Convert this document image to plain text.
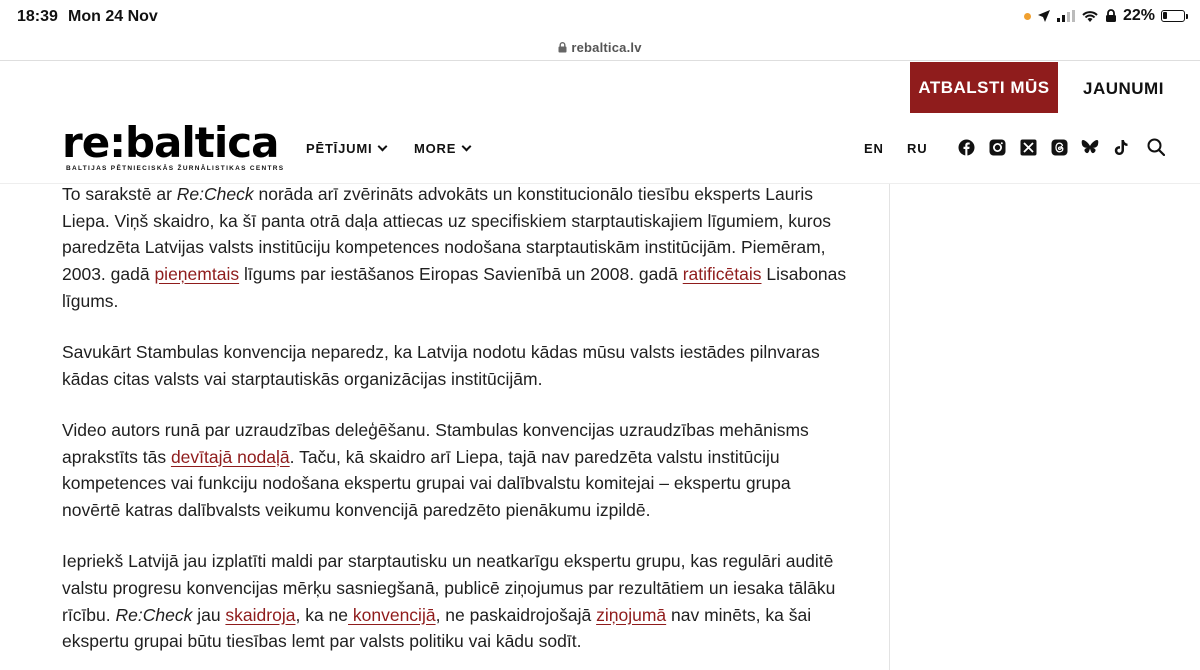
18:39 Mon 24 Nov	22%
rebaltica.lv
ATBALSTI MŪS	JAUNUMI
re:baltica
BALTIJAS PĒTNIECISKĀS ŽURNĀLISTIKAS CENTRS
PĒTĪJUMI	MORE	EN RU

To sarakstē ar Re:Check norāda arī zvērināts advokāts un konstitucionālo tiesību eksperts Lauris Liepa. Viņš skaidro, ka šī panta otrā daļa attiecas uz specifiskiem starptautiskajiem līgumiem, kuros paredzēta Latvijas valsts institūciju kompetences nodošana starptautiskām institūcijām. Piemēram, 2003. gadā pieņemtais līgums par iestāšanos Eiropas Savienībā un 2008. gadā ratificētais Lisabonas līgums.

Savukārt Stambulas konvencija neparedz, ka Latvija nodotu kādas mūsu valsts iestādes pilnvaras kādas citas valsts vai starptautiskās organizācijas institūcijām.

Video autors runā par uzraudzības deleģēšanu. Stambulas konvencijas uzraudzības mehānisms aprakstīts tās devītajā nodaļā. Taču, kā skaidro arī Liepa, tajā nav paredzēta valstu institūciju kompetences vai funkciju nodošana ekspertu grupai vai dalībvalstu komitejai – ekspertu grupa novērtē katras dalībvalsts veikumu konvencijā paredzēto pienākumu izpildē.

Iepriekš Latvijā jau izplatīti maldi par starptautisku un neatkarīgu ekspertu grupu, kas regulāri auditē valstu progresu konvencijas mērķu sasniegšanā, publicē ziņojumus par rezultātiem un iesaka tālāku rīcību. Re:Check jau skaidroja, ka ne konvencijā, ne paskaidrojošajā ziņojumā nav minēts, ka šai ekspertu grupai būtu tiesības lemt par valsts politiku vai kādu sodīt.
